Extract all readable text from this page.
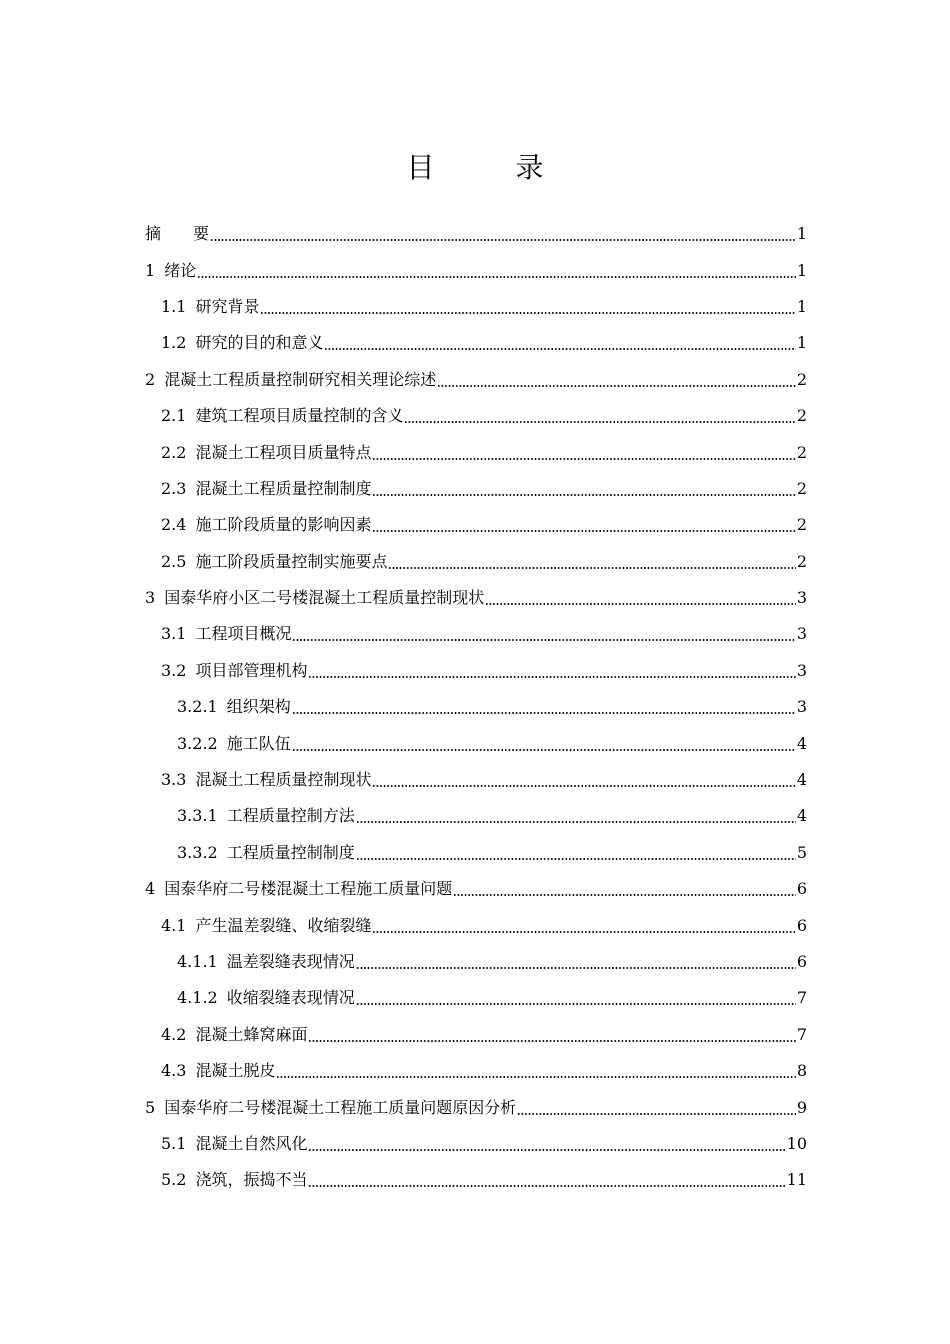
目 录
摘　　要	1
1 绪论	1
1.1 研究背景	1
1.2 研究的目的和意义	1
2 混凝土工程质量控制研究相关理论综述	2
2.1 建筑工程项目质量控制的含义	2
2.2 混凝土工程项目质量特点	2
2.3 混凝土工程质量控制制度	2
2.4 施工阶段质量的影响因素	2
2.5 施工阶段质量控制实施要点	2
3 国泰华府小区二号楼混凝土工程质量控制现状	3
3.1 工程项目概况	3
3.2 项目部管理机构	3
3.2.1 组织架构	3
3.2.2 施工队伍	4
3.3 混凝土工程质量控制现状	4
3.3.1 工程质量控制方法	4
3.3.2 工程质量控制制度	5
4 国泰华府二号楼混凝土工程施工质量问题	6
4.1 产生温差裂缝、收缩裂缝	6
4.1.1 温差裂缝表现情况	6
4.1.2 收缩裂缝表现情况	7
4.2 混凝土蜂窝麻面	7
4.3 混凝土脱皮	8
5 国泰华府二号楼混凝土工程施工质量问题原因分析	9
5.1 混凝土自然风化	10
5.2 浇筑，振捣不当	11
